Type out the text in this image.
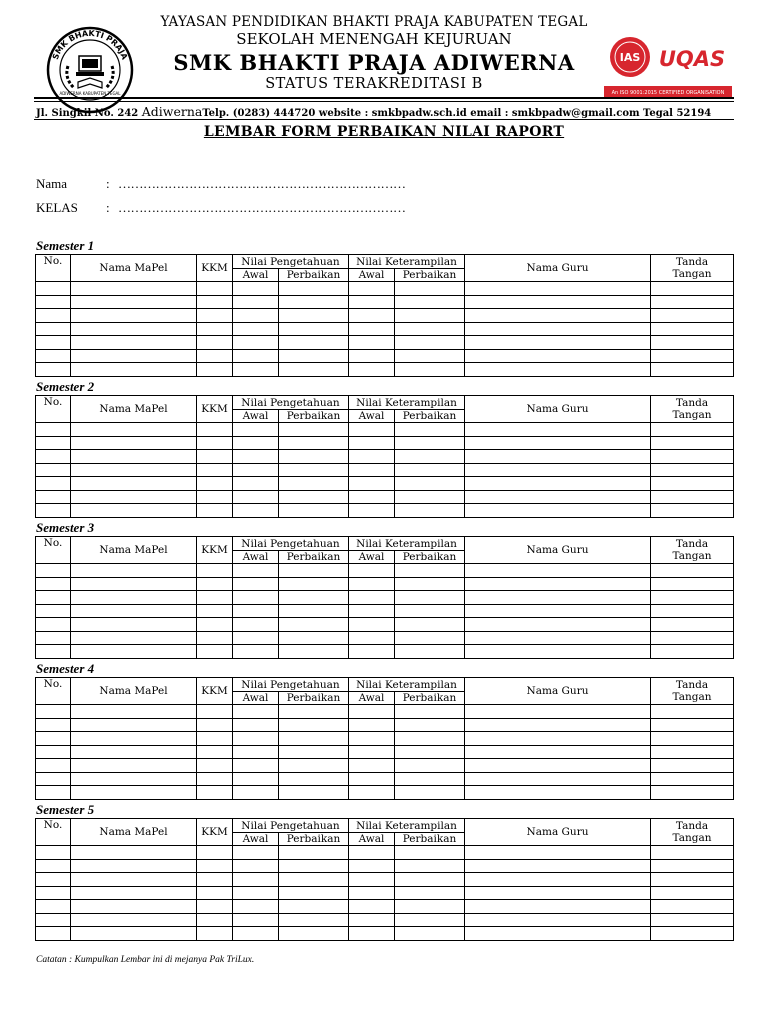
SMK BHAKTI PRAJA
ADIWERNA KABUPATEN TEGAL
YAYASAN PENDIDIKAN BHAKTI PRAJA KABUPATEN TEGAL
SEKOLAH MENENGAH KEJURUAN
SMK BHAKTI PRAJA ADIWERNA
STATUS TERAKREDITASI B
IAS UQAS
An ISO 9001:2015 CERTIFIED ORGANISATION
Jl. Singkil No. 242 AdiwernaTelp. (0283) 444720 website : smkbpadw.sch.id email : smkbpadw@gmail.com Tegal 52194
LEMBAR FORM PERBAIKAN NILAI RAPORT
Nama	: ……………………………………………………………
KELAS : ……………………………………………………………
Semester 1
No.	Nama MaPel	KKM	Nilai Pengetahuan		Nilai Keterampilan		Nama Guru	Tanda
Tangan
			Awal	Perbaikan	Awal	Perbaikan		

Semester 2
No.	Nama MaPel	KKM	Nilai Pengetahuan		Nilai Keterampilan		Nama Guru	Tanda
Tangan
			Awal	Perbaikan	Awal	Perbaikan		

Semester 3
No.	Nama MaPel	KKM	Nilai Pengetahuan		Nilai Keterampilan		Nama Guru	Tanda
Tangan
			Awal	Perbaikan	Awal	Perbaikan		

Semester 4
No.	Nama MaPel	KKM	Nilai Pengetahuan		Nilai Keterampilan		Nama Guru	Tanda
Tangan
			Awal	Perbaikan	Awal	Perbaikan		

Semester 5
No.	Nama MaPel	KKM	Nilai Pengetahuan		Nilai Keterampilan		Nama Guru	Tanda
Tangan
			Awal	Perbaikan	Awal	Perbaikan		

Catatan : Kumpulkan Lembar ini di mejanya Pak TriLux.
